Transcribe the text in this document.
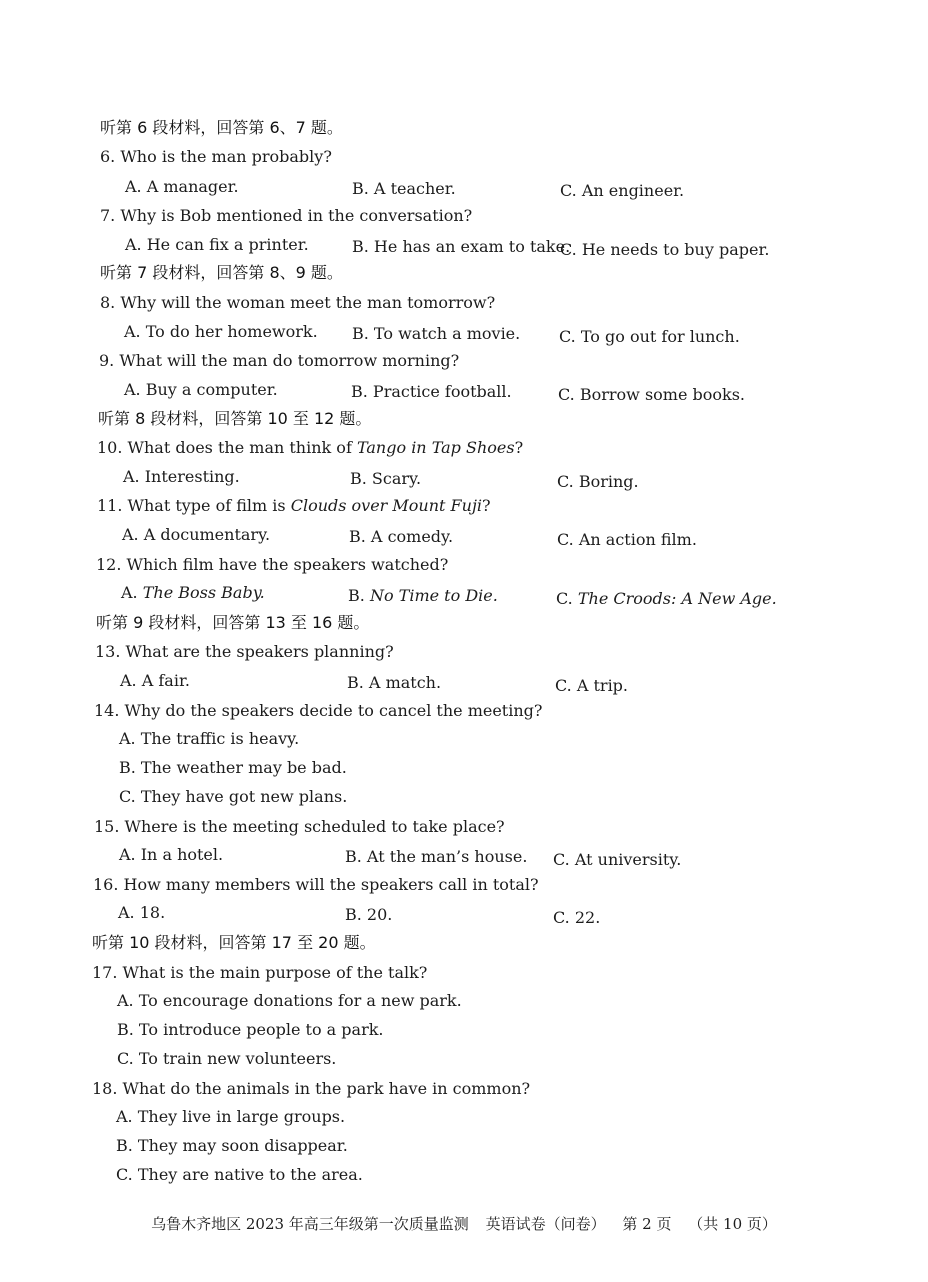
听第 6 段材料，回答第 6、7 题。
6. Who is the man probably?
A. A manager.	B. A teacher.	C. An engineer.
7. Why is Bob mentioned in the conversation?
A. He can fix a printer.	B. He has an exam to take.
C. He needs to buy paper.
听第 7 段材料，回答第 8、9 题。
8. Why will the woman meet the man tomorrow?
A. To do her homework. B. To watch a movie. C. To go out for lunch.
9. What will the man do tomorrow morning?
A. Buy a computer.	B. Practice football.	C. Borrow some books.
听第 8 段材料，回答第 10 至 12 题。
10. What does the man think of Tango in Tap Shoes?
A. Interesting.	B. Scary.	C. Boring.
11. What type of film is Clouds over Mount Fuji?
A. A documentary.	B. A comedy.	C. An action film.
12. Which film have the speakers watched?
A. The Boss Baby.	B. No Time to Die.	C. The Croods: A New Age.
听第 9 段材料，回答第 13 至 16 题。
13. What are the speakers planning?
A. A fair.	B. A match.	C. A trip.
14. Why do the speakers decide to cancel the meeting?
A. The traffic is heavy.
B. The weather may be bad.
C. They have got new plans.
15. Where is the meeting scheduled to take place?
A. In a hotel.	B. At the man’s house. C. At university.
16. How many members will the speakers call in total?
A. 18.	B. 20.	C. 22.
听第 10 段材料，回答第 17 至 20 题。
17. What is the main purpose of the talk?
A. To encourage donations for a new park.
B. To introduce people to a park.
C. To train new volunteers.
18. What do the animals in the park have in common?
A. They live in large groups.
B. They may soon disappear.
C. They are native to the area.
乌鲁木齐地区 2023 年高三年级第一次质量监测 英语试卷（问卷） 第 2 页 （共 10 页）
